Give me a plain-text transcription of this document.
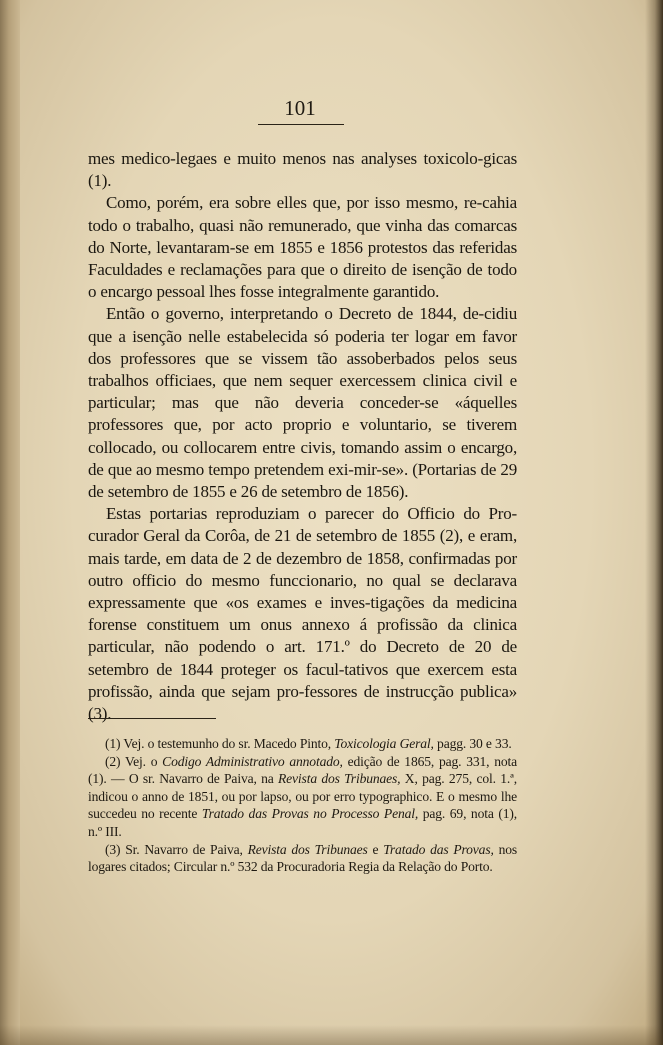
101

mes medico-legaes e muito menos nas analyses toxicolo-gicas (1).

Como, porém, era sobre elles que, por isso mesmo, re-cahia todo o trabalho, quasi não remunerado, que vinha das comarcas do Norte, levantaram-se em 1855 e 1856 protestos das referidas Faculdades e reclamações para que o direito de isenção de todo o encargo pessoal lhes fosse integralmente garantido.

Então o governo, interpretando o Decreto de 1844, de-cidiu que a isenção nelle estabelecida só poderia ter logar em favor dos professores que se vissem tão assoberbados pelos seus trabalhos officiaes, que nem sequer exercessem clinica civil e particular; mas que não deveria conceder-se «áquelles professores que, por acto proprio e voluntario, se tiverem collocado, ou collocarem entre civis, tomando assim o encargo, de que ao mesmo tempo pretendem exi-mir-se». (Portarias de 29 de setembro de 1855 e 26 de setembro de 1856).

Estas portarias reproduziam o parecer do Officio do Pro-curador Geral da Corôa, de 21 de setembro de 1855 (2), e eram, mais tarde, em data de 2 de dezembro de 1858, confirmadas por outro officio do mesmo funccionario, no qual se declarava expressamente que «os exames e inves-tigações da medicina forense constituem um onus annexo á profissão da clinica particular, não podendo o art. 171.º do Decreto de 20 de setembro de 1844 proteger os facul-tativos que exercem esta profissão, ainda que sejam pro-fessores de instrucção publica» (3).

(1) Vej. o testemunho do sr. Macedo Pinto, Toxicologia Geral, pagg. 30 e 33.

(2) Vej. o Codigo Administrativo annotado, edição de 1865, pag. 331, nota (1). — O sr. Navarro de Paiva, na Revista dos Tribunaes, X, pag. 275, col. 1.ª, indicou o anno de 1851, ou por lapso, ou por erro typographico. E o mesmo lhe succedeu no recente Tratado das Provas no Processo Penal, pag. 69, nota (1), n.º III.

(3) Sr. Navarro de Paiva, Revista dos Tribunaes e Tratado das Provas, nos logares citados; Circular n.º 532 da Procuradoria Regia da Relação do Porto.
